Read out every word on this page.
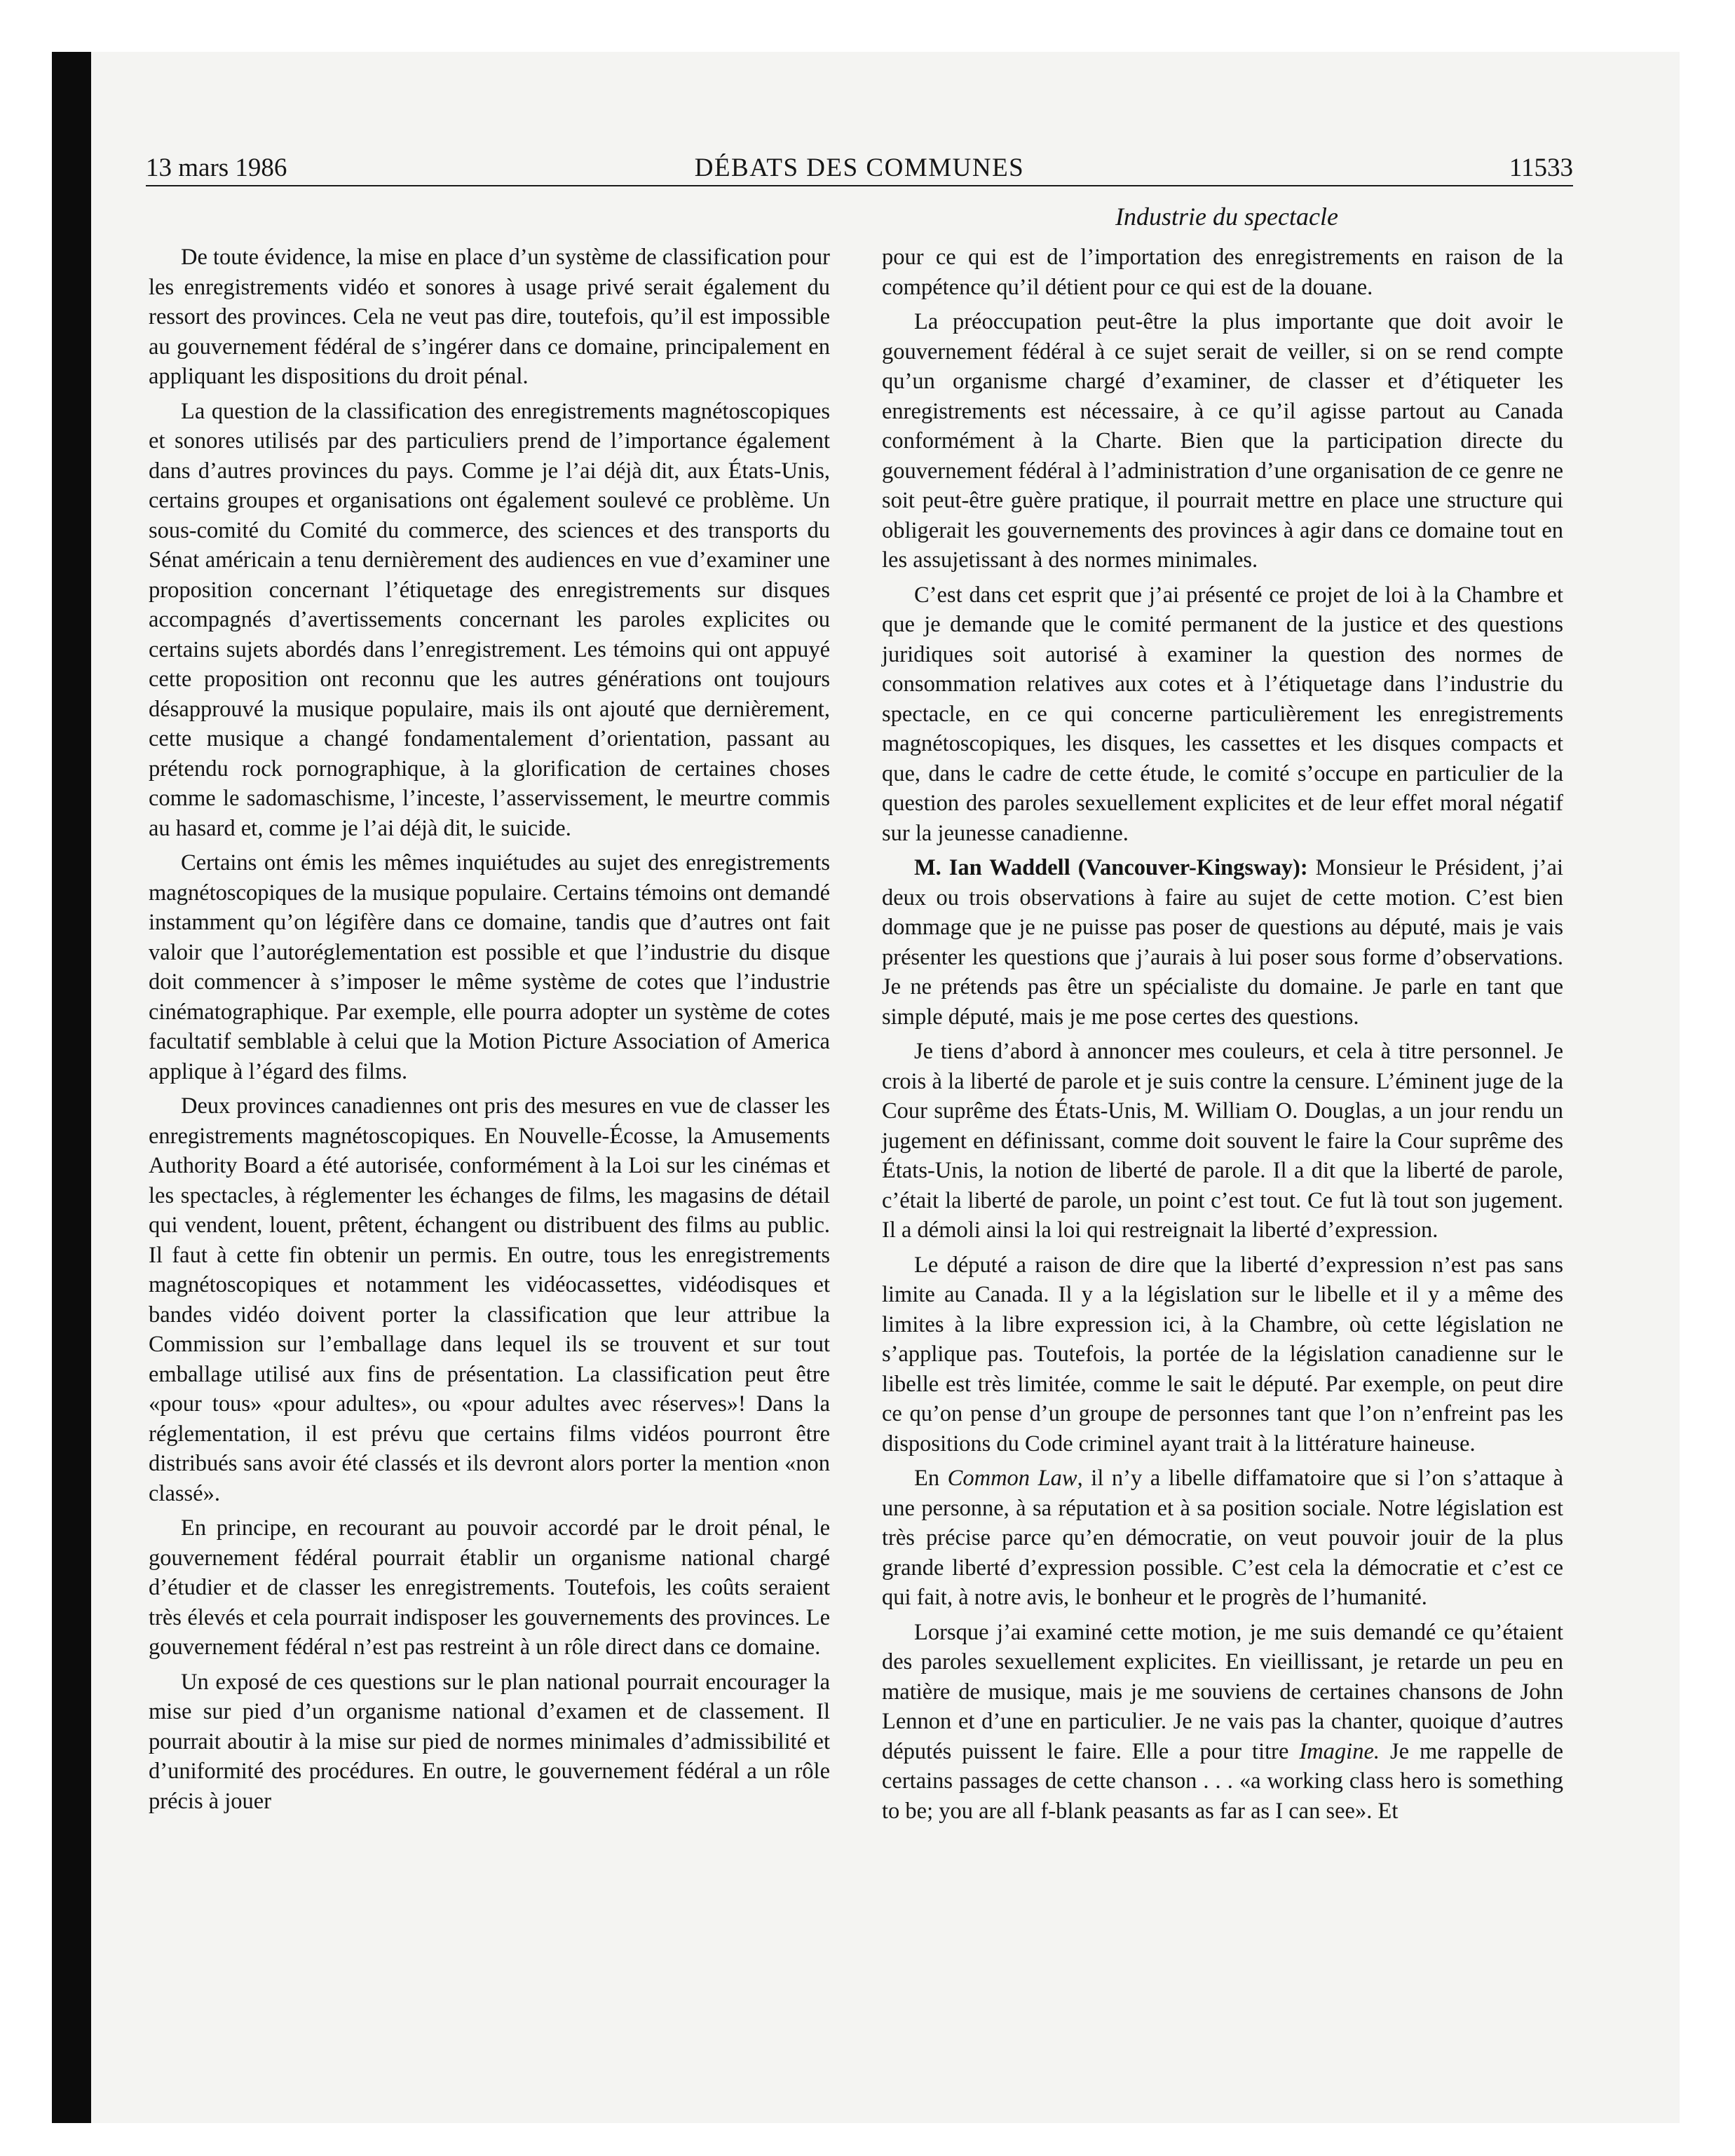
13 mars 1986	DÉBATS DES COMMUNES	11533
Industrie du spectacle

De toute évidence, la mise en place d’un système de classification pour les enregistrements vidéo et sonores à usage privé serait également du ressort des provinces. Cela ne veut pas dire, toutefois, qu’il est impossible au gouvernement fédéral de s’ingérer dans ce domaine, principalement en appliquant les dispositions du droit pénal.

La question de la classification des enregistrements magnétoscopiques et sonores utilisés par des particuliers prend de l’importance également dans d’autres provinces du pays. Comme je l’ai déjà dit, aux États-Unis, certains groupes et organisations ont également soulevé ce problème. Un sous-comité du Comité du commerce, des sciences et des transports du Sénat américain a tenu dernièrement des audiences en vue d’examiner une proposition concernant l’étiquetage des enregistrements sur disques accompagnés d’avertissements concernant les paroles explicites ou certains sujets abordés dans l’enregistrement. Les témoins qui ont appuyé cette proposition ont reconnu que les autres générations ont toujours désapprouvé la musique populaire, mais ils ont ajouté que dernièrement, cette musique a changé fondamentalement d’orientation, passant au prétendu rock pornographique, à la glorification de certaines choses comme le sadomaschisme, l’inceste, l’asservissement, le meurtre commis au hasard et, comme je l’ai déjà dit, le suicide.

Certains ont émis les mêmes inquiétudes au sujet des enregistrements magnétoscopiques de la musique populaire. Certains témoins ont demandé instamment qu’on légifère dans ce domaine, tandis que d’autres ont fait valoir que l’autoréglementation est possible et que l’industrie du disque doit commencer à s’imposer le même système de cotes que l’industrie cinématographique. Par exemple, elle pourra adopter un système de cotes facultatif semblable à celui que la Motion Picture Association of America applique à l’égard des films.

Deux provinces canadiennes ont pris des mesures en vue de classer les enregistrements magnétoscopiques. En Nouvelle-Écosse, la Amusements Authority Board a été autorisée, conformément à la Loi sur les cinémas et les spectacles, à réglementer les échanges de films, les magasins de détail qui vendent, louent, prêtent, échangent ou distribuent des films au public. Il faut à cette fin obtenir un permis. En outre, tous les enregistrements magnétoscopiques et notamment les vidéocassettes, vidéodisques et bandes vidéo doivent porter la classification que leur attribue la Commission sur l’emballage dans lequel ils se trouvent et sur tout emballage utilisé aux fins de présentation. La classification peut être «pour tous» «pour adultes», ou «pour adultes avec réserves»! Dans la réglementation, il est prévu que certains films vidéos pourront être distribués sans avoir été classés et ils devront alors porter la mention «non classé».

En principe, en recourant au pouvoir accordé par le droit pénal, le gouvernement fédéral pourrait établir un organisme national chargé d’étudier et de classer les enregistrements. Toutefois, les coûts seraient très élevés et cela pourrait indisposer les gouvernements des provinces. Le gouvernement fédéral n’est pas restreint à un rôle direct dans ce domaine.

Un exposé de ces questions sur le plan national pourrait encourager la mise sur pied d’un organisme national d’examen et de classement. Il pourrait aboutir à la mise sur pied de normes minimales d’admissibilité et d’uniformité des procédures. En outre, le gouvernement fédéral a un rôle précis à jouer

pour ce qui est de l’importation des enregistrements en raison de la compétence qu’il détient pour ce qui est de la douane.

La préoccupation peut-être la plus importante que doit avoir le gouvernement fédéral à ce sujet serait de veiller, si on se rend compte qu’un organisme chargé d’examiner, de classer et d’étiqueter les enregistrements est nécessaire, à ce qu’il agisse partout au Canada conformément à la Charte. Bien que la participation directe du gouvernement fédéral à l’administration d’une organisation de ce genre ne soit peut-être guère pratique, il pourrait mettre en place une structure qui obligerait les gouvernements des provinces à agir dans ce domaine tout en les assujetissant à des normes minimales.

C’est dans cet esprit que j’ai présenté ce projet de loi à la Chambre et que je demande que le comité permanent de la justice et des questions juridiques soit autorisé à examiner la question des normes de consommation relatives aux cotes et à l’étiquetage dans l’industrie du spectacle, en ce qui concerne particulièrement les enregistrements magnétoscopiques, les disques, les cassettes et les disques compacts et que, dans le cadre de cette étude, le comité s’occupe en particulier de la question des paroles sexuellement explicites et de leur effet moral négatif sur la jeunesse canadienne.

M. Ian Waddell (Vancouver-Kingsway): Monsieur le Président, j’ai deux ou trois observations à faire au sujet de cette motion. C’est bien dommage que je ne puisse pas poser de questions au député, mais je vais présenter les questions que j’aurais à lui poser sous forme d’observations. Je ne prétends pas être un spécialiste du domaine. Je parle en tant que simple député, mais je me pose certes des questions.

Je tiens d’abord à annoncer mes couleurs, et cela à titre personnel. Je crois à la liberté de parole et je suis contre la censure. L’éminent juge de la Cour suprême des États-Unis, M. William O. Douglas, a un jour rendu un jugement en définissant, comme doit souvent le faire la Cour suprême des États-Unis, la notion de liberté de parole. Il a dit que la liberté de parole, c’était la liberté de parole, un point c’est tout. Ce fut là tout son jugement. Il a démoli ainsi la loi qui restreignait la liberté d’expression.

Le député a raison de dire que la liberté d’expression n’est pas sans limite au Canada. Il y a la législation sur le libelle et il y a même des limites à la libre expression ici, à la Chambre, où cette législation ne s’applique pas. Toutefois, la portée de la législation canadienne sur le libelle est très limitée, comme le sait le député. Par exemple, on peut dire ce qu’on pense d’un groupe de personnes tant que l’on n’enfreint pas les dispositions du Code criminel ayant trait à la littérature haineuse.

En Common Law, il n’y a libelle diffamatoire que si l’on s’attaque à une personne, à sa réputation et à sa position sociale. Notre législation est très précise parce qu’en démocratie, on veut pouvoir jouir de la plus grande liberté d’expression possible. C’est cela la démocratie et c’est ce qui fait, à notre avis, le bonheur et le progrès de l’humanité.

Lorsque j’ai examiné cette motion, je me suis demandé ce qu’étaient des paroles sexuellement explicites. En vieillissant, je retarde un peu en matière de musique, mais je me souviens de certaines chansons de John Lennon et d’une en particulier. Je ne vais pas la chanter, quoique d’autres députés puissent le faire. Elle a pour titre Imagine. Je me rappelle de certains passages de cette chanson . . . «a working class hero is something to be; you are all f-blank peasants as far as I can see». Et
